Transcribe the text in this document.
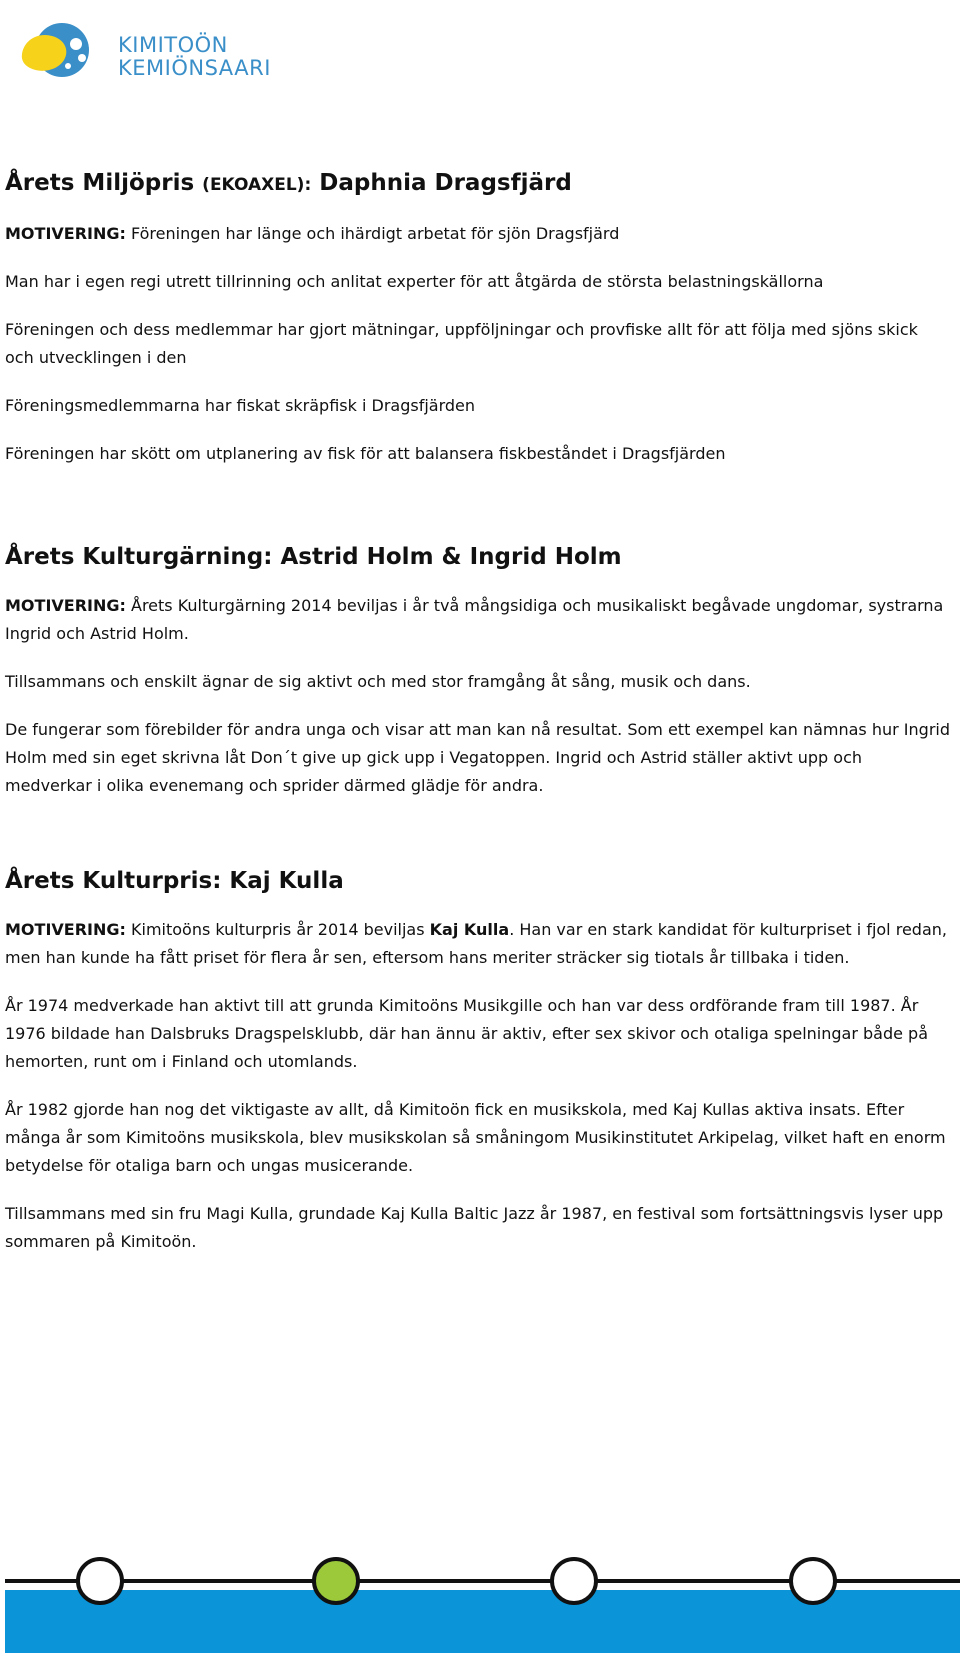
KIMITOÖN
KEMIÖNSAARI
Årets Miljöpris (EKOAXEL): Daphnia Dragsfjärd

MOTIVERING: Föreningen har länge och ihärdigt arbetat för sjön Dragsfjärd

Man har i egen regi utrett tillrinning och anlitat experter för att åtgärda de största belastningskällorna

Föreningen och dess medlemmar har gjort mätningar, uppföljningar och provfiske allt för att följa med sjöns skick och utvecklingen i den

Föreningsmedlemmarna har fiskat skräpfisk i Dragsfjärden

Föreningen har skött om utplanering av fisk för att balansera fiskbeståndet i Dragsfjärden

Årets Kulturgärning: Astrid Holm & Ingrid Holm

MOTIVERING: Årets Kulturgärning 2014 beviljas i år två mångsidiga och musikaliskt begåvade ungdomar, systrarna Ingrid och Astrid Holm.

Tillsammans och enskilt ägnar de sig aktivt och med stor framgång åt sång, musik och dans.

De fungerar som förebilder för andra unga och visar att man kan nå resultat. Som ett exempel kan nämnas hur Ingrid Holm med sin eget skrivna låt Don´t give up gick upp i Vegatoppen. Ingrid och Astrid ställer aktivt upp och medverkar i olika evenemang och sprider därmed glädje för andra.

Årets Kulturpris: Kaj Kulla

MOTIVERING: Kimitoöns kulturpris år 2014 beviljas Kaj Kulla. Han var en stark kandidat för kulturpriset i fjol redan, men han kunde ha fått priset för flera år sen, eftersom hans meriter sträcker sig tiotals år tillbaka i tiden.

År 1974 medverkade han aktivt till att grunda Kimitoöns Musikgille och han var dess ordförande fram till 1987. År 1976 bildade han Dalsbruks Dragspelsklubb, där han ännu är aktiv, efter sex skivor och otaliga spelningar både på hemorten, runt om i Finland och utomlands.

År 1982 gjorde han nog det viktigaste av allt, då Kimitoön fick en musikskola, med Kaj Kullas aktiva insats. Efter många år som Kimitoöns musikskola, blev musikskolan så småningom Musikinstitutet Arkipelag, vilket haft en enorm betydelse för otaliga barn och ungas musicerande.

Tillsammans med sin fru Magi Kulla, grundade Kaj Kulla Baltic Jazz år 1987, en festival som fortsättningsvis lyser upp sommaren på Kimitoön.
